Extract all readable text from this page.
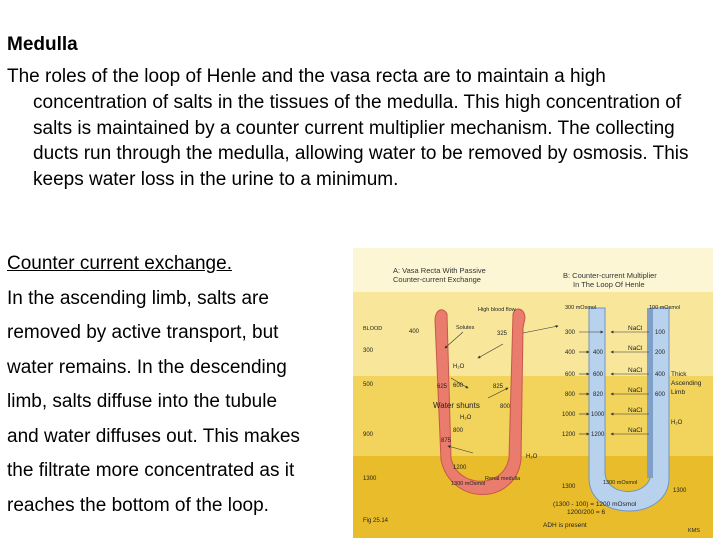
Medulla

The roles of the loop of Henle and the vasa recta are to maintain a high concentration of salts in the tissues of the medulla. This high concentration of salts is maintained by a counter current multiplier mechanism. The collecting ducts run through the medulla, allowing water to be removed by osmosis. This keeps water loss in the urine to a minimum.

Counter current exchange.
In the ascending limb, salts are
removed by active transport, but
water remains. In the descending
limb, salts diffuse into the tubule
and water diffuses out. This makes
the filtrate more concentrated as it
reaches the bottom of the loop.
A: Vasa Recta With Passive
Counter-current Exchange	B: Counter-current Multiplier
In The Loop Of Henle
High blood flow
BLOOD	Solutes
300
500
900
1300
400
625
875
600
800
1200
325
825
800
H₂O
Water shunts
H₂O
H₂O
Renal medulla
1300 mOsmol
300 mOsmol	100 mOsmol
300
400
600
800
1000
1200
400
600
820
1000
1200
100
200
400
600
NaCl
NaCl
NaCl
NaCl
NaCl
NaCl
H₂O
Thick
Ascending
Limb
1300 mOsmol
1300
1300
(1300 - 100) = 1200 mOsmol
1200/200 = 6
ADH is present
Fig 25.14
KMS
